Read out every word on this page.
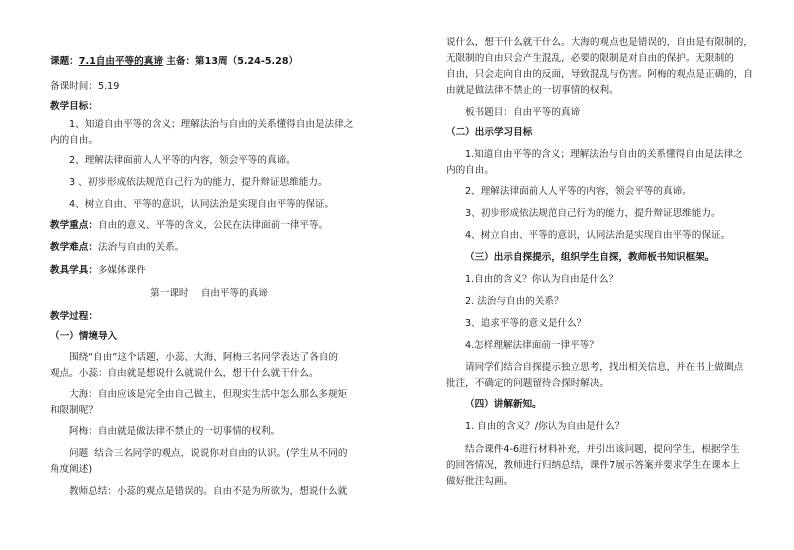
课题：7.1自由平等的真谛 主备：第13周（5.24-5.28）
备课时间：5.19
教学目标：
1、知道自由平等的含义；理解法治与自由的关系懂得自由是法律之
内的自由。
2、理解法律面前人人平等的内容，领会平等的真谛。
3 、初步形成依法规范自己行为的能力，提升辩证思维能力。
4、树立自由、平等的意识，认同法治是实现自由平等的保证。
教学重点：自由的意义、平等的含义，公民在法律面前一律平等。
教学难点：法治与自由的关系。
教具学具：多媒体课件
第一课时    自由平等的真谛
教学过程：
（一）情境导入
围绕“自由”这个话题，小蕊、大海、阿梅三名同学表达了各自的
观点。小蕊：自由就是想说什么就说什么，想干什么就干什么。
大海：自由应该是完全由自己做主，但现实生活中怎么那么多规矩
和限制呢？
阿梅：自由就是做法律不禁止的一切事情的权利。
问题  结合三名同学的观点，说说你对自由的认识。(学生从不同的
角度阐述)
教师总结：小蕊的观点是错误的。自由不是为所欲为，想说什么就
说什么，想干什么就干什么。大海的观点也是错误的，自由是有限制的，
无限制的自由只会产生混乱，必要的限制是对自由的保护。无限制的
自由，只会走向自由的反面，导致混乱与伤害。阿梅的观点是正确的，自
由就是做法律不禁止的一切事情的权利。
板书题目：自由平等的真谛
（二）出示学习目标
1.知道自由平等的含义；理解法治与自由的关系懂得自由是法律之
内的自由。
2、理解法律面前人人平等的内容，领会平等的真谛。
3、初步形成依法规范自己行为的能力，提升辩证思维能力。
4、树立自由、平等的意识，认同法治是实现自由平等的保证。
（三）出示自探提示，组织学生自探，教师板书知识框架。
1.自由的含义？你认为自由是什么？
2. 法治与自由的关系？
3、追求平等的意义是什么？
4.怎样理解法律面前一律平等？
请同学们结合自探提示独立思考，找出相关信息，并在书上做圈点
批注，不确定的问题留待合探时解决。
（四）讲解新知。
1. 自由的含义？/你认为自由是什么？
结合课件4-6进行材料补充，并引出该问题，提问学生，根据学生
的回答情况，教师进行归纳总结，课件7展示答案并要求学生在课本上
做好批注勾画。
